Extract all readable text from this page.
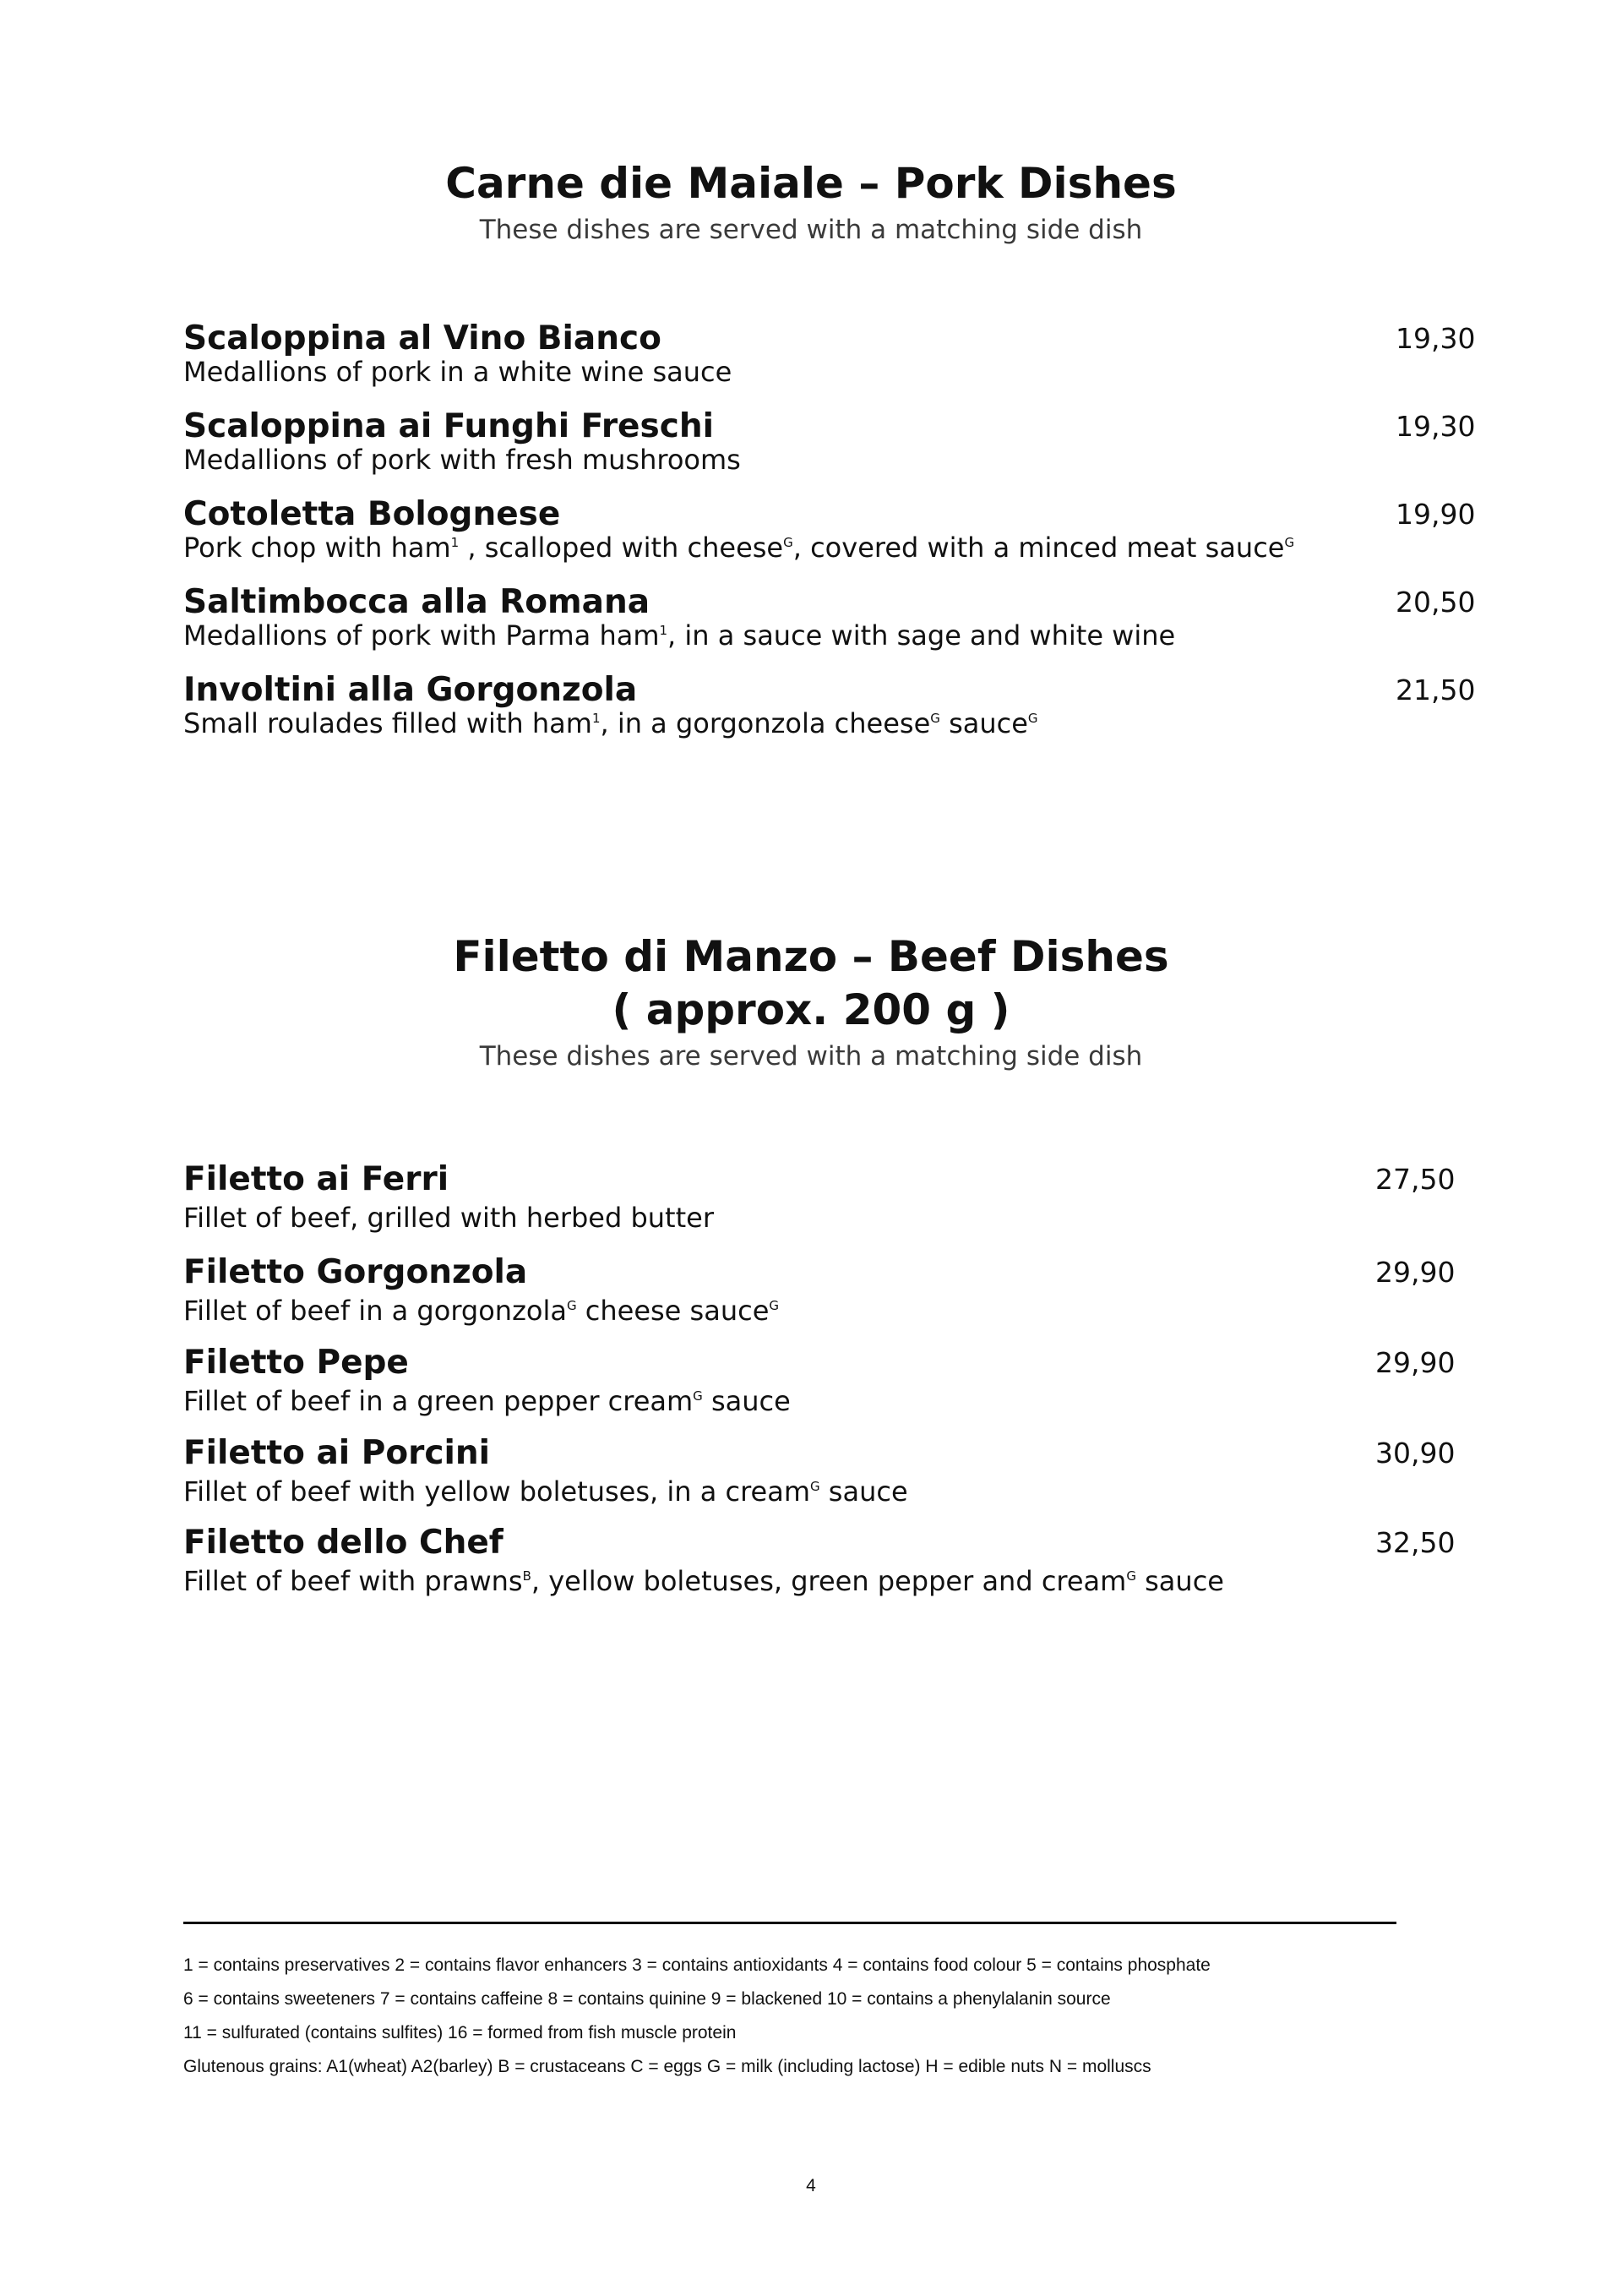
Carne die Maiale – Pork Dishes
These dishes are served with a matching side dish
Scaloppina al Vino Bianco
Medallions of pork in a white wine sauce
19,30
Scaloppina ai Funghi Freschi
Medallions of pork with fresh mushrooms
19,30
Cotoletta Bolognese
Pork chop with ham$^1$ , scalloped with cheese$^G$, covered with a minced meat sauce$^G$
19,90
Saltimbocca alla Romana
Medallions of pork with Parma ham$^1$, in a sauce with sage and white wine
20,50
Involtini alla Gorgonzola
Small roulades filled with ham$^1$, in a gorgonzola cheese$^G$ sauce$^G$
21,50
Filetto di Manzo – Beef Dishes
( approx. 200 g )
These dishes are served with a matching side dish
Filetto ai Ferri
Fillet of beef, grilled with herbed butter
27,50
Filetto Gorgonzola
Fillet of beef in a gorgonzola$^G$ cheese sauce$^G$
29,90
Filetto Pepe
Fillet of beef in a green pepper cream$^G$ sauce
29,90
Filetto ai Porcini
Fillet of beef with yellow boletuses, in a cream$^G$ sauce
30,90
Filetto dello Chef
Fillet of beef with prawns$^B$, yellow boletuses, green pepper and cream$^G$ sauce
32,50
1 = contains preservatives 2 = contains flavor enhancers 3 = contains antioxidants 4 = contains food colour 5 = contains phosphate
6 = contains sweeteners 7 = contains caffeine 8 = contains quinine 9 = blackened 10 = contains a phenylalanin source
11 = sulfurated (contains sulfites) 16 = formed from fish muscle protein
Glutenous grains: A1(wheat) A2(barley) B = crustaceans C = eggs G = milk (including lactose) H = edible nuts N = molluscs
4
